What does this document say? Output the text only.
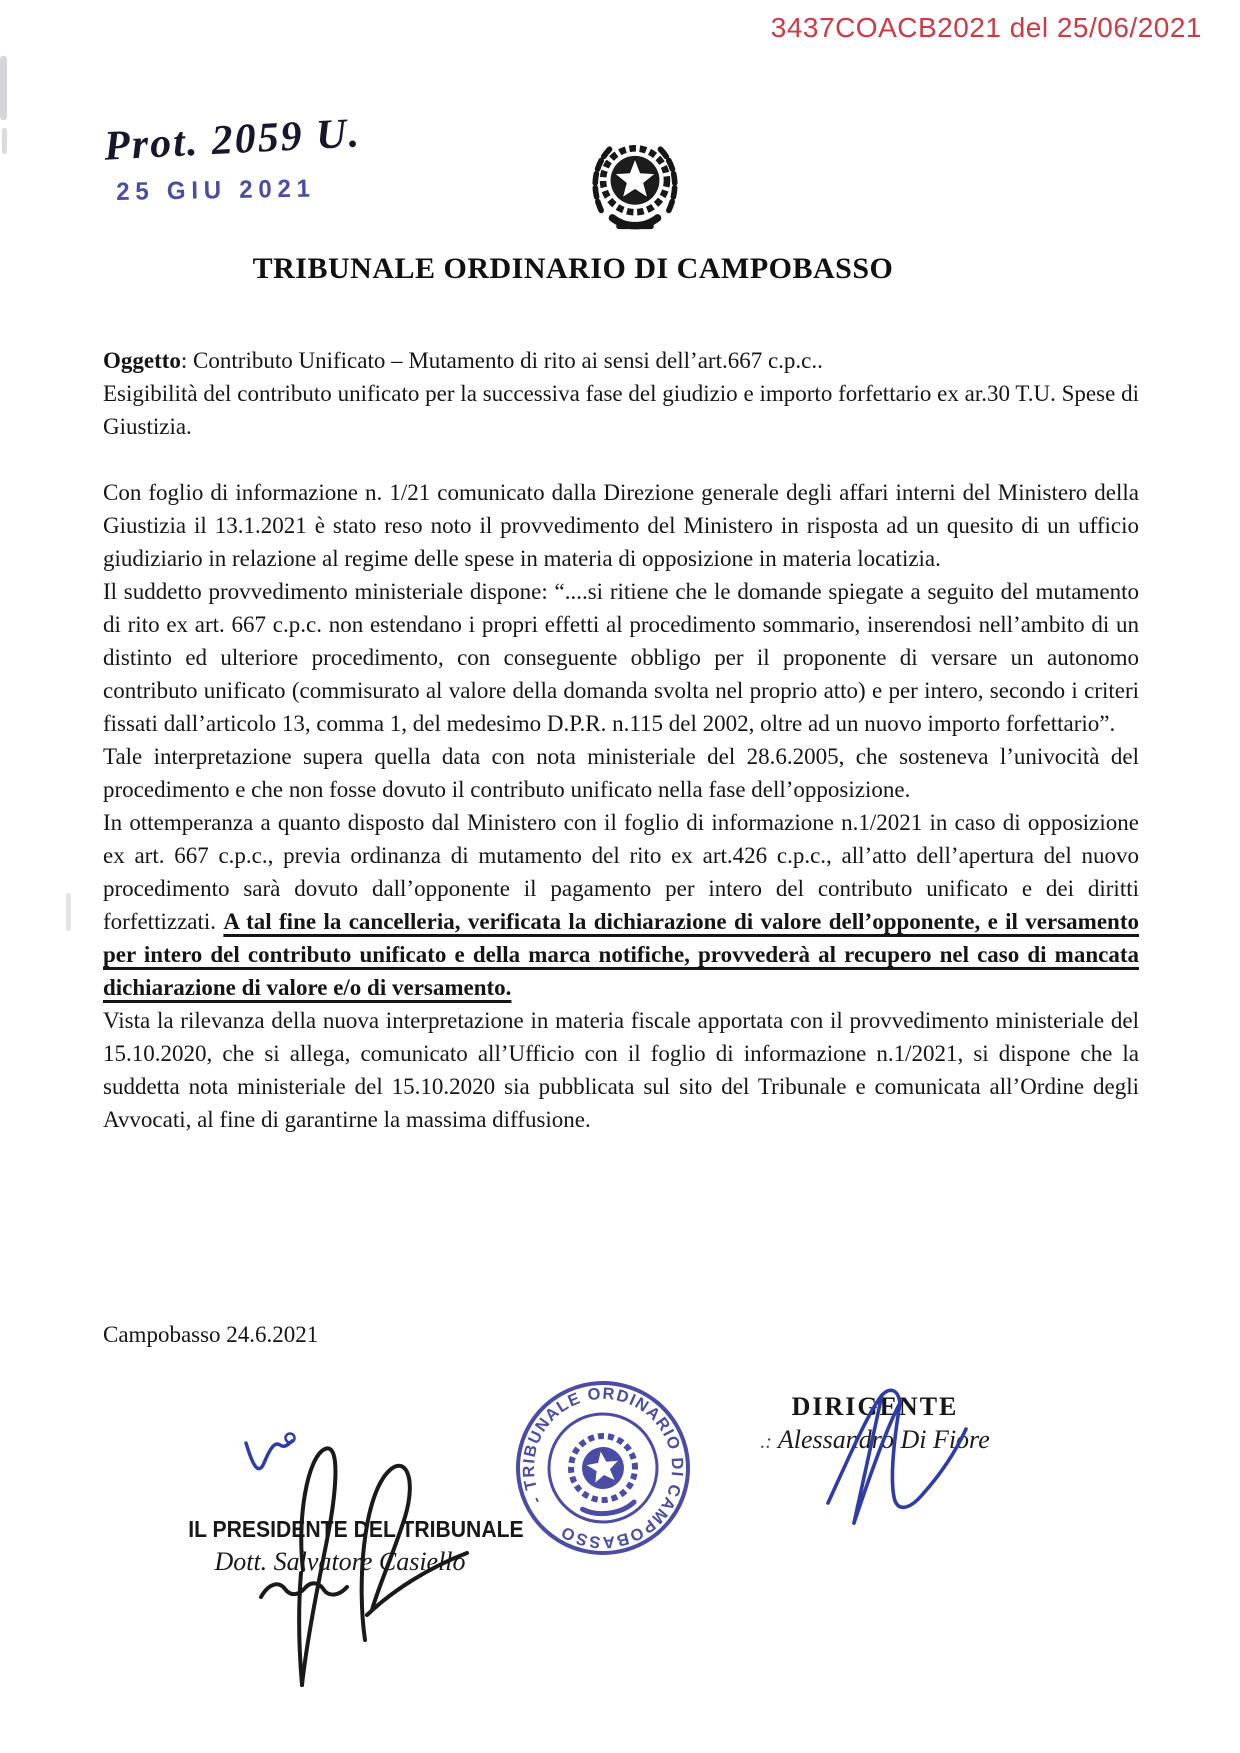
3437COACB2021 del 25/06/2021
Prot. 2059 U.
25 GIU 2021
TRIBUNALE ORDINARIO DI CAMPOBASSO

Oggetto: Contributo Unificato – Mutamento di rito ai sensi dell’art.667 c.p.c..
Esigibilità del contributo unificato per la successiva fase del giudizio e importo forfettario ex ar.30 T.U. Spese di Giustizia.

Con foglio di informazione n. 1/21 comunicato dalla Direzione generale degli affari interni del Ministero della Giustizia il 13.1.2021 è stato reso noto il provvedimento del Ministero in risposta ad un quesito di un ufficio giudiziario in relazione al regime delle spese in materia di opposizione in materia locatizia.

Il suddetto provvedimento ministeriale dispone: “....si ritiene che le domande spiegate a seguito del mutamento di rito ex art. 667 c.p.c. non estendano i propri effetti al procedimento sommario, inserendosi nell’ambito di un distinto ed ulteriore procedimento, con conseguente obbligo per il proponente di versare un autonomo contributo unificato (commisurato al valore della domanda svolta nel proprio atto) e per intero, secondo i criteri fissati dall’articolo 13, comma 1, del medesimo D.P.R. n.115 del 2002, oltre ad un nuovo importo forfettario”.

Tale interpretazione supera quella data con nota ministeriale del 28.6.2005, che sosteneva l’univocità del procedimento e che non fosse dovuto il contributo unificato nella fase dell’opposizione.

In ottemperanza a quanto disposto dal Ministero con il foglio di informazione n.1/2021 in caso di opposizione ex art. 667 c.p.c., previa ordinanza di mutamento del rito ex art.426 c.p.c., all’atto dell’apertura del nuovo procedimento sarà dovuto dall’opponente il pagamento per intero del contributo unificato e dei diritti forfettizzati. A tal fine la cancelleria, verificata la dichiarazione di valore dell’opponente, e il versamento per intero del contributo unificato e della marca notifiche, provvederà al recupero nel caso di mancata dichiarazione di valore e/o di versamento.

Vista la rilevanza della nuova interpretazione in materia fiscale apportata con il provvedimento ministeriale del 15.10.2020, che si allega, comunicato all’Ufficio con il foglio di informazione n.1/2021, si dispone che la suddetta nota ministeriale del 15.10.2020 sia pubblicata sul sito del Tribunale e comunicata all’Ordine degli Avvocati, al fine di garantirne la massima diffusione.

Campobasso 24.6.2021
IL PRESIDENTE DEL TRIBUNALE
Dott. Salvatore Casiello
- TRIBUNALE ORDINARIO DI CAMPOBASSO
DIRIGENTE
.: Alessandro Di Fiore
